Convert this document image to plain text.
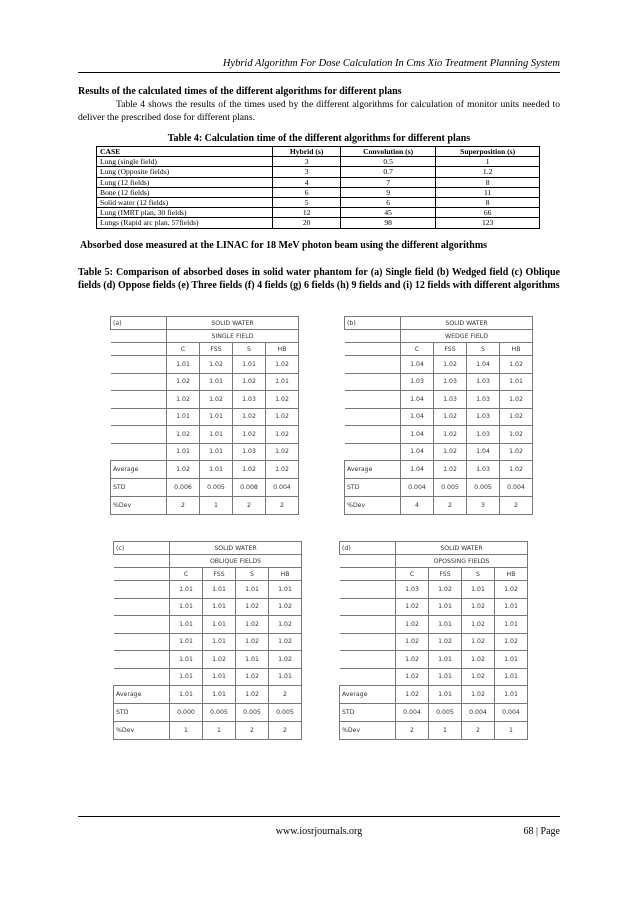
Hybrid Algorithm For Dose Calculation In Cms Xio Treatment Planning System
Results of the calculated times of the different algorithms for different plans
Table 4 shows the results of the times used by the different algorithms for calculation of monitor units needed to deliver the prescribed dose for different plans.
Table 4: Calculation time of the different algorithms for different plans
CASE	Hybrid (s)	Convolution (s)	Superposition (s)
Lung (single field)	3	0.5	1
Lung (Opposite fields)	3	0.7	1.2
Lung (12 fields)	4	7	8
Bone (12 fields)	6	9	11
Solid water (12 fields)	5	6	8
Lung (IMRT plan, 30 fields)	12	45	66
Lungs (Rapid arc plan, 57fields)	20	98	123
Absorbed dose measured at the LINAC for 18 MeV photon beam using the different algorithms
Table 5: Comparison of absorbed doses in solid water phantom for (a) Single field (b) Wedged field (c) Oblique fields (d) Oppose fields (e) Three fields (f) 4 fields (g) 6 fields (h) 9 fields and (i) 12 fields with different algorithms
(a)	SOLID WATER			
	SINGLE FIELD			
	C	FSS	S	HB
	1.01	1.02	1.01	1.02
	1.02	1.01	1.02	1.01
	1.02	1.02	1.03	1.02
	1.01	1.01	1.02	1.02
	1.02	1.01	1.02	1.02
	1.01	1.01	1.03	1.02
Average	1.02	1.01	1.02	1.02
STD	0.006	0.005	0.008	0.004
%Dev	2	1	2	2
(b)	SOLID WATER			
	WEDGE FIELD			
	C	FSS	S	HB
	1.04	1.02	1.04	1.02
	1.03	1.03	1.03	1.01
	1.04	1.03	1.03	1.02
	1.04	1.02	1.03	1.02
	1.04	1.02	1.03	1.02
	1.04	1.02	1.04	1.02
Average	1.04	1.02	1.03	1.02
STD	0.004	0.005	0.005	0.004
%Dev	4	2	3	2
(c)	SOLID WATER			
	OBLIQUE FIELDS			
	C	FSS	S	HB
	1.01	1.01	1.01	1.01
	1.01	1.01	1.02	1.02
	1.01	1.01	1.02	1.02
	1.01	1.01	1.02	1.02
	1.01	1.02	1.01	1.02
	1.01	1.01	1.02	1.01
Average	1.01	1.01	1.02	2
STD	0.000	0.005	0.005	0.005
%Dev	1	1	2	2
(d)	SOLID WATER			
	OPOSSING FIELDS			
	C	FSS	S	HB
	1.03	1.02	1.01	1.02
	1.02	1.01	1.02	1.01
	1.02	1.01	1.02	1.01
	1.02	1.02	1.02	1.02
	1.02	1.01	1.02	1.01
	1.02	1.01	1.02	1.01
Average	1.02	1.01	1.02	1.01
STD	0.004	0.005	0.004	0.004
%Dev	2	1	2	1
www.iosrjournals.org	68 | Page
